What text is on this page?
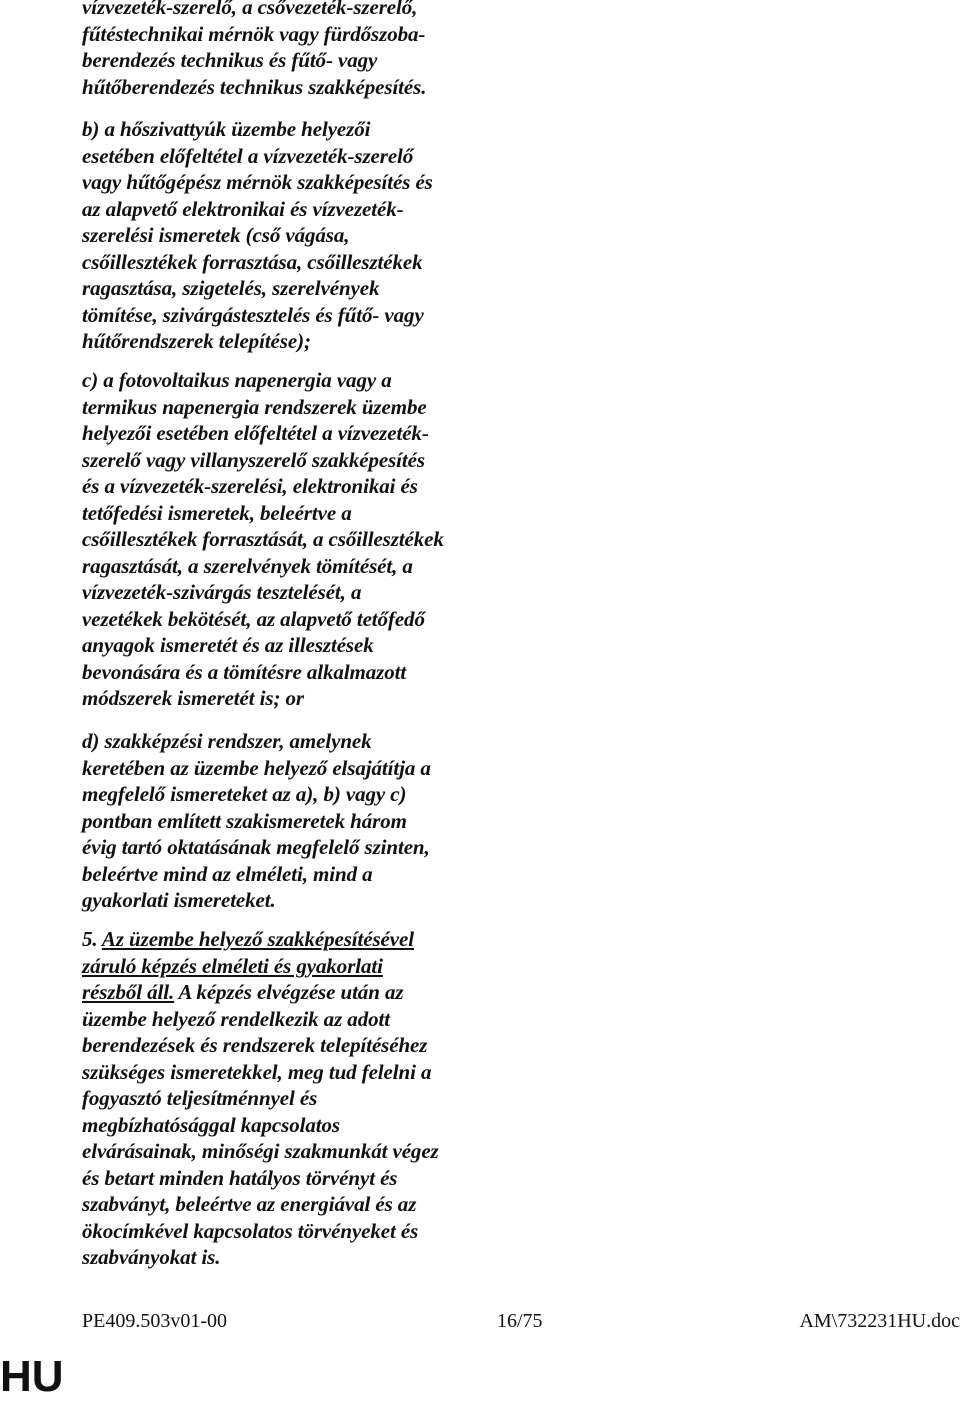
vízvezeték-szerelő, a csővezeték-szerelő,
fűtéstechnikai mérnök vagy fürdőszoba-
berendezés technikus és fűtő- vagy
hűtőberendezés technikus szakképesítés.

b) a hőszivattyúk üzembe helyezői
esetében előfeltétel a vízvezeték-szerelő
vagy hűtőgépész mérnök szakképesítés és
az alapvető elektronikai és vízvezeték-
szerelési ismeretek (cső vágása,
csőillesztékek forrasztása, csőillesztékek
ragasztása, szigetelés, szerelvények
tömítése, szivárgástesztelés és fűtő- vagy
hűtőrendszerek telepítése);

c) a fotovoltaikus napenergia vagy a
termikus napenergia rendszerek üzembe
helyezői esetében előfeltétel a vízvezeték-
szerelő vagy villanyszerelő szakképesítés
és a vízvezeték-szerelési, elektronikai és
tetőfedési ismeretek, beleértve a
csőillesztékek forrasztását, a csőillesztékek
ragasztását, a szerelvények tömítését, a
vízvezeték-szivárgás tesztelését, a
vezetékek bekötését, az alapvető tetőfedő
anyagok ismeretét és az illesztések
bevonására és a tömítésre alkalmazott
módszerek ismeretét is; or

d) szakképzési rendszer, amelynek
keretében az üzembe helyező elsajátítja a
megfelelő ismereteket az a), b) vagy c)
pontban említett szakismeretek három
évig tartó oktatásának megfelelő szinten,
beleértve mind az elméleti, mind a
gyakorlati ismereteket.

5. Az üzembe helyező szakképesítésével
záruló képzés elméleti és gyakorlati
részből áll. A képzés elvégzése után az
üzembe helyező rendelkezik az adott
berendezések és rendszerek telepítéséhez
szükséges ismeretekkel, meg tud felelni a
fogyasztó teljesítménnyel és
megbízhatósággal kapcsolatos
elvárásainak, minőségi szakmunkát végez
és betart minden hatályos törvényt és
szabványt, beleértve az energiával és az
ökocímkével kapcsolatos törvényeket és
szabványokat is.

PE409.503v01-00	16/75	AM\732231HU.doc
HU
